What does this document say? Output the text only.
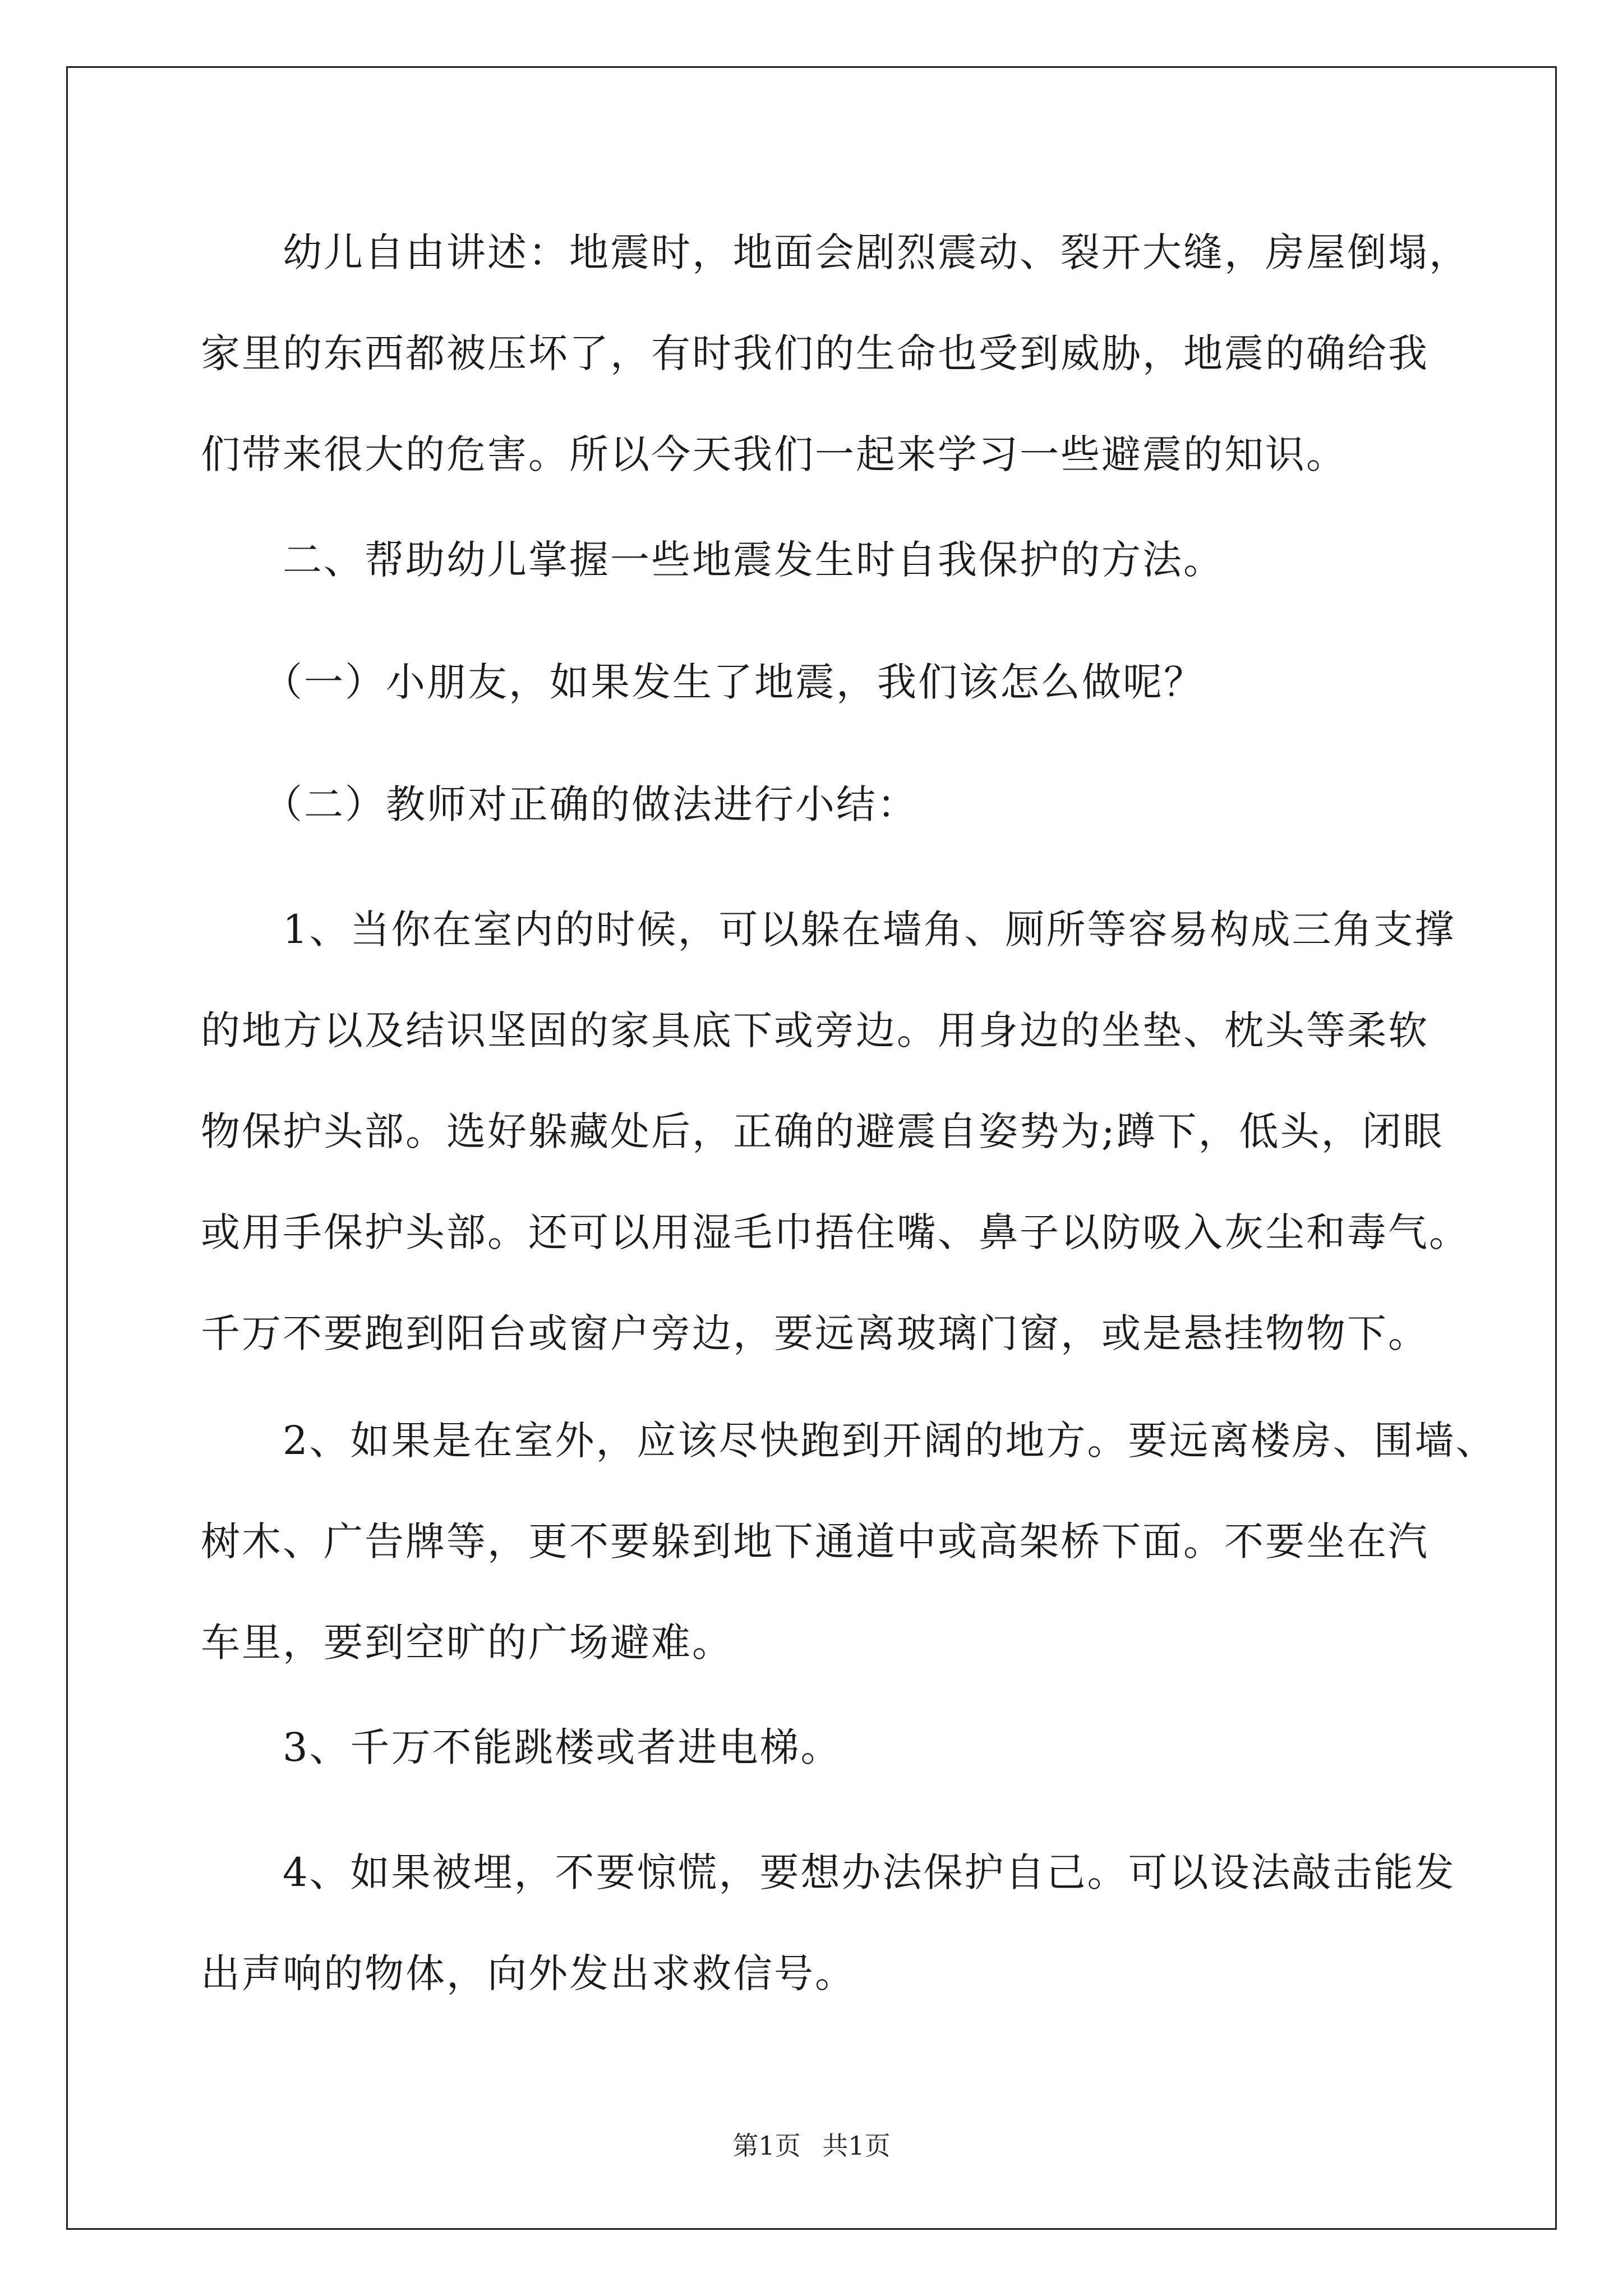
　　幼儿自由讲述：地震时，地面会剧烈震动、裂开大缝，房屋倒塌，
家里的东西都被压坏了，有时我们的生命也受到威胁，地震的确给我
们带来很大的危害。所以今天我们一起来学习一些避震的知识。
　　二、帮助幼儿掌握一些地震发生时自我保护的方法。
　　（一）小朋友，如果发生了地震，我们该怎么做呢？
　　（二）教师对正确的做法进行小结：
　　1、当你在室内的时候，可以躲在墙角、厕所等容易构成三角支撑
的地方以及结识坚固的家具底下或旁边。用身边的坐垫、枕头等柔软
物保护头部。选好躲藏处后，正确的避震自姿势为;蹲下，低头，闭眼
或用手保护头部。还可以用湿毛巾捂住嘴、鼻子以防吸入灰尘和毒气。
千万不要跑到阳台或窗户旁边，要远离玻璃门窗，或是悬挂物物下。
　　2、如果是在室外，应该尽快跑到开阔的地方。要远离楼房、围墙、
树木、广告牌等，更不要躲到地下通道中或高架桥下面。不要坐在汽
车里，要到空旷的广场避难。
　　3、千万不能跳楼或者进电梯。
　　4、如果被埋，不要惊慌，要想办法保护自己。可以设法敲击能发
出声响的物体，向外发出求救信号。
第1页 共1页
